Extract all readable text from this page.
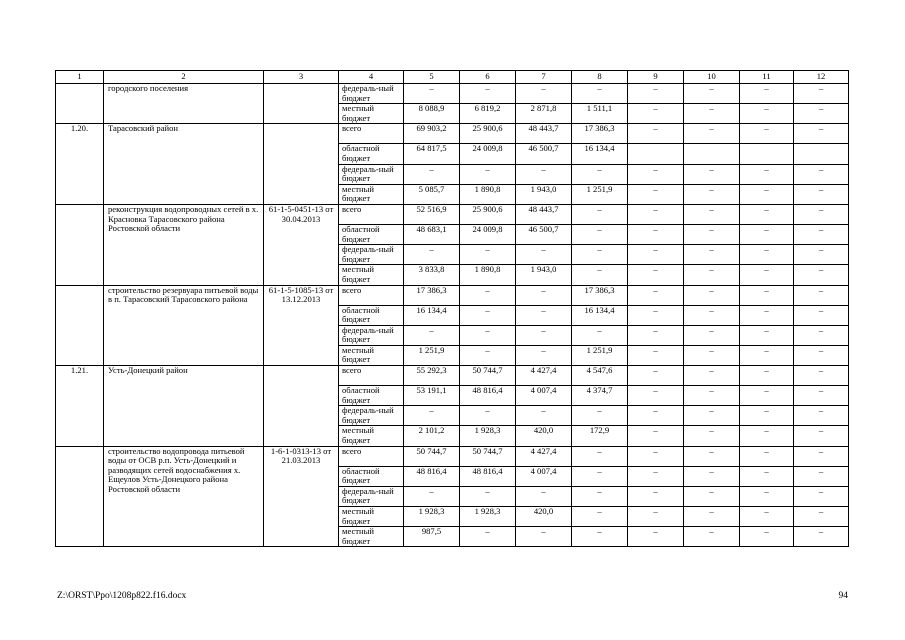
1	2	3	4	5	6	7	8	9	10	11	12
	городского поселения		федераль-ный бюджет	–	–	–	–	–	–	–	–
			местный бюджет	8 088,9	6 819,2	2 871,8	1 511,1	–	–	–	–
1.20.	Тарасовский район		всего	69 903,2	25 900,6	48 443,7	17 386,3	–	–	–	–
			областной бюджет	64 817,5	24 009,8	46 500,7	16 134,4				
			федераль-ный бюджет	–	–	–	–	–	–	–	–
			местный бюджет	5 085,7	1 890,8	1 943,0	1 251,9	–	–	–	–
	реконструкция водопроводных сетей в х. Красновка Тарасовского района Ростовской области	61-1-5-0451-13 от 30.04.2013	всего	52 516,9	25 900,6	48 443,7	–	–	–	–	–
			областной бюджет	48 683,1	24 009,8	46 500,7	–	–	–	–	–
			федераль-ный бюджет	–	–	–	–	–	–	–	–
			местный бюджет	3 833,8	1 890,8	1 943,0	–	–	–	–	–
	строительство резервуара питьевой воды в п. Тарасовский Тарасовского района	61-1-5-1085-13 от 13.12.2013	всего	17 386,3	–	–	17 386,3	–	–	–	–
			областной бюджет	16 134,4	–	–	16 134,4	–	–	–	–
			федераль-ный бюджет	–	–	–	–	–	–	–	–
			местный бюджет	1 251,9	–	–	1 251,9	–	–	–	–
1.21.	Усть-Донецкий район		всего	55 292,3	50 744,7	4 427,4	4 547,6	–	–	–	–
			областной бюджет	53 191,1	48 816,4	4 007,4	4 374,7	–	–	–	–
			федераль-ный бюджет	–	–	–	–	–	–	–	–
			местный бюджет	2 101,2	1 928,3	420,0	172,9	–	–	–	–
	строительство водопровода питьевой воды от ОСВ р.п. Усть-Донецкий и разводящих сетей водоснабжения х. Ещеулов Усть-Донецкого района Ростовской области	1-6-1-0313-13 от 21.03.2013	всего	50 744,7	50 744,7	4 427,4	–	–	–	–	–
			областной бюджет	48 816,4	48 816,4	4 007,4	–	–	–	–	–
			федераль-ный бюджет	–	–	–	–	–	–	–	–
			местный бюджет	1 928,3	1 928,3	420,0	–	–	–	–	–
			местный бюджет	987,5	–	–	–	–	–	–	–
Z:\ORST\Ppo\1208p822.f16.docx	94
